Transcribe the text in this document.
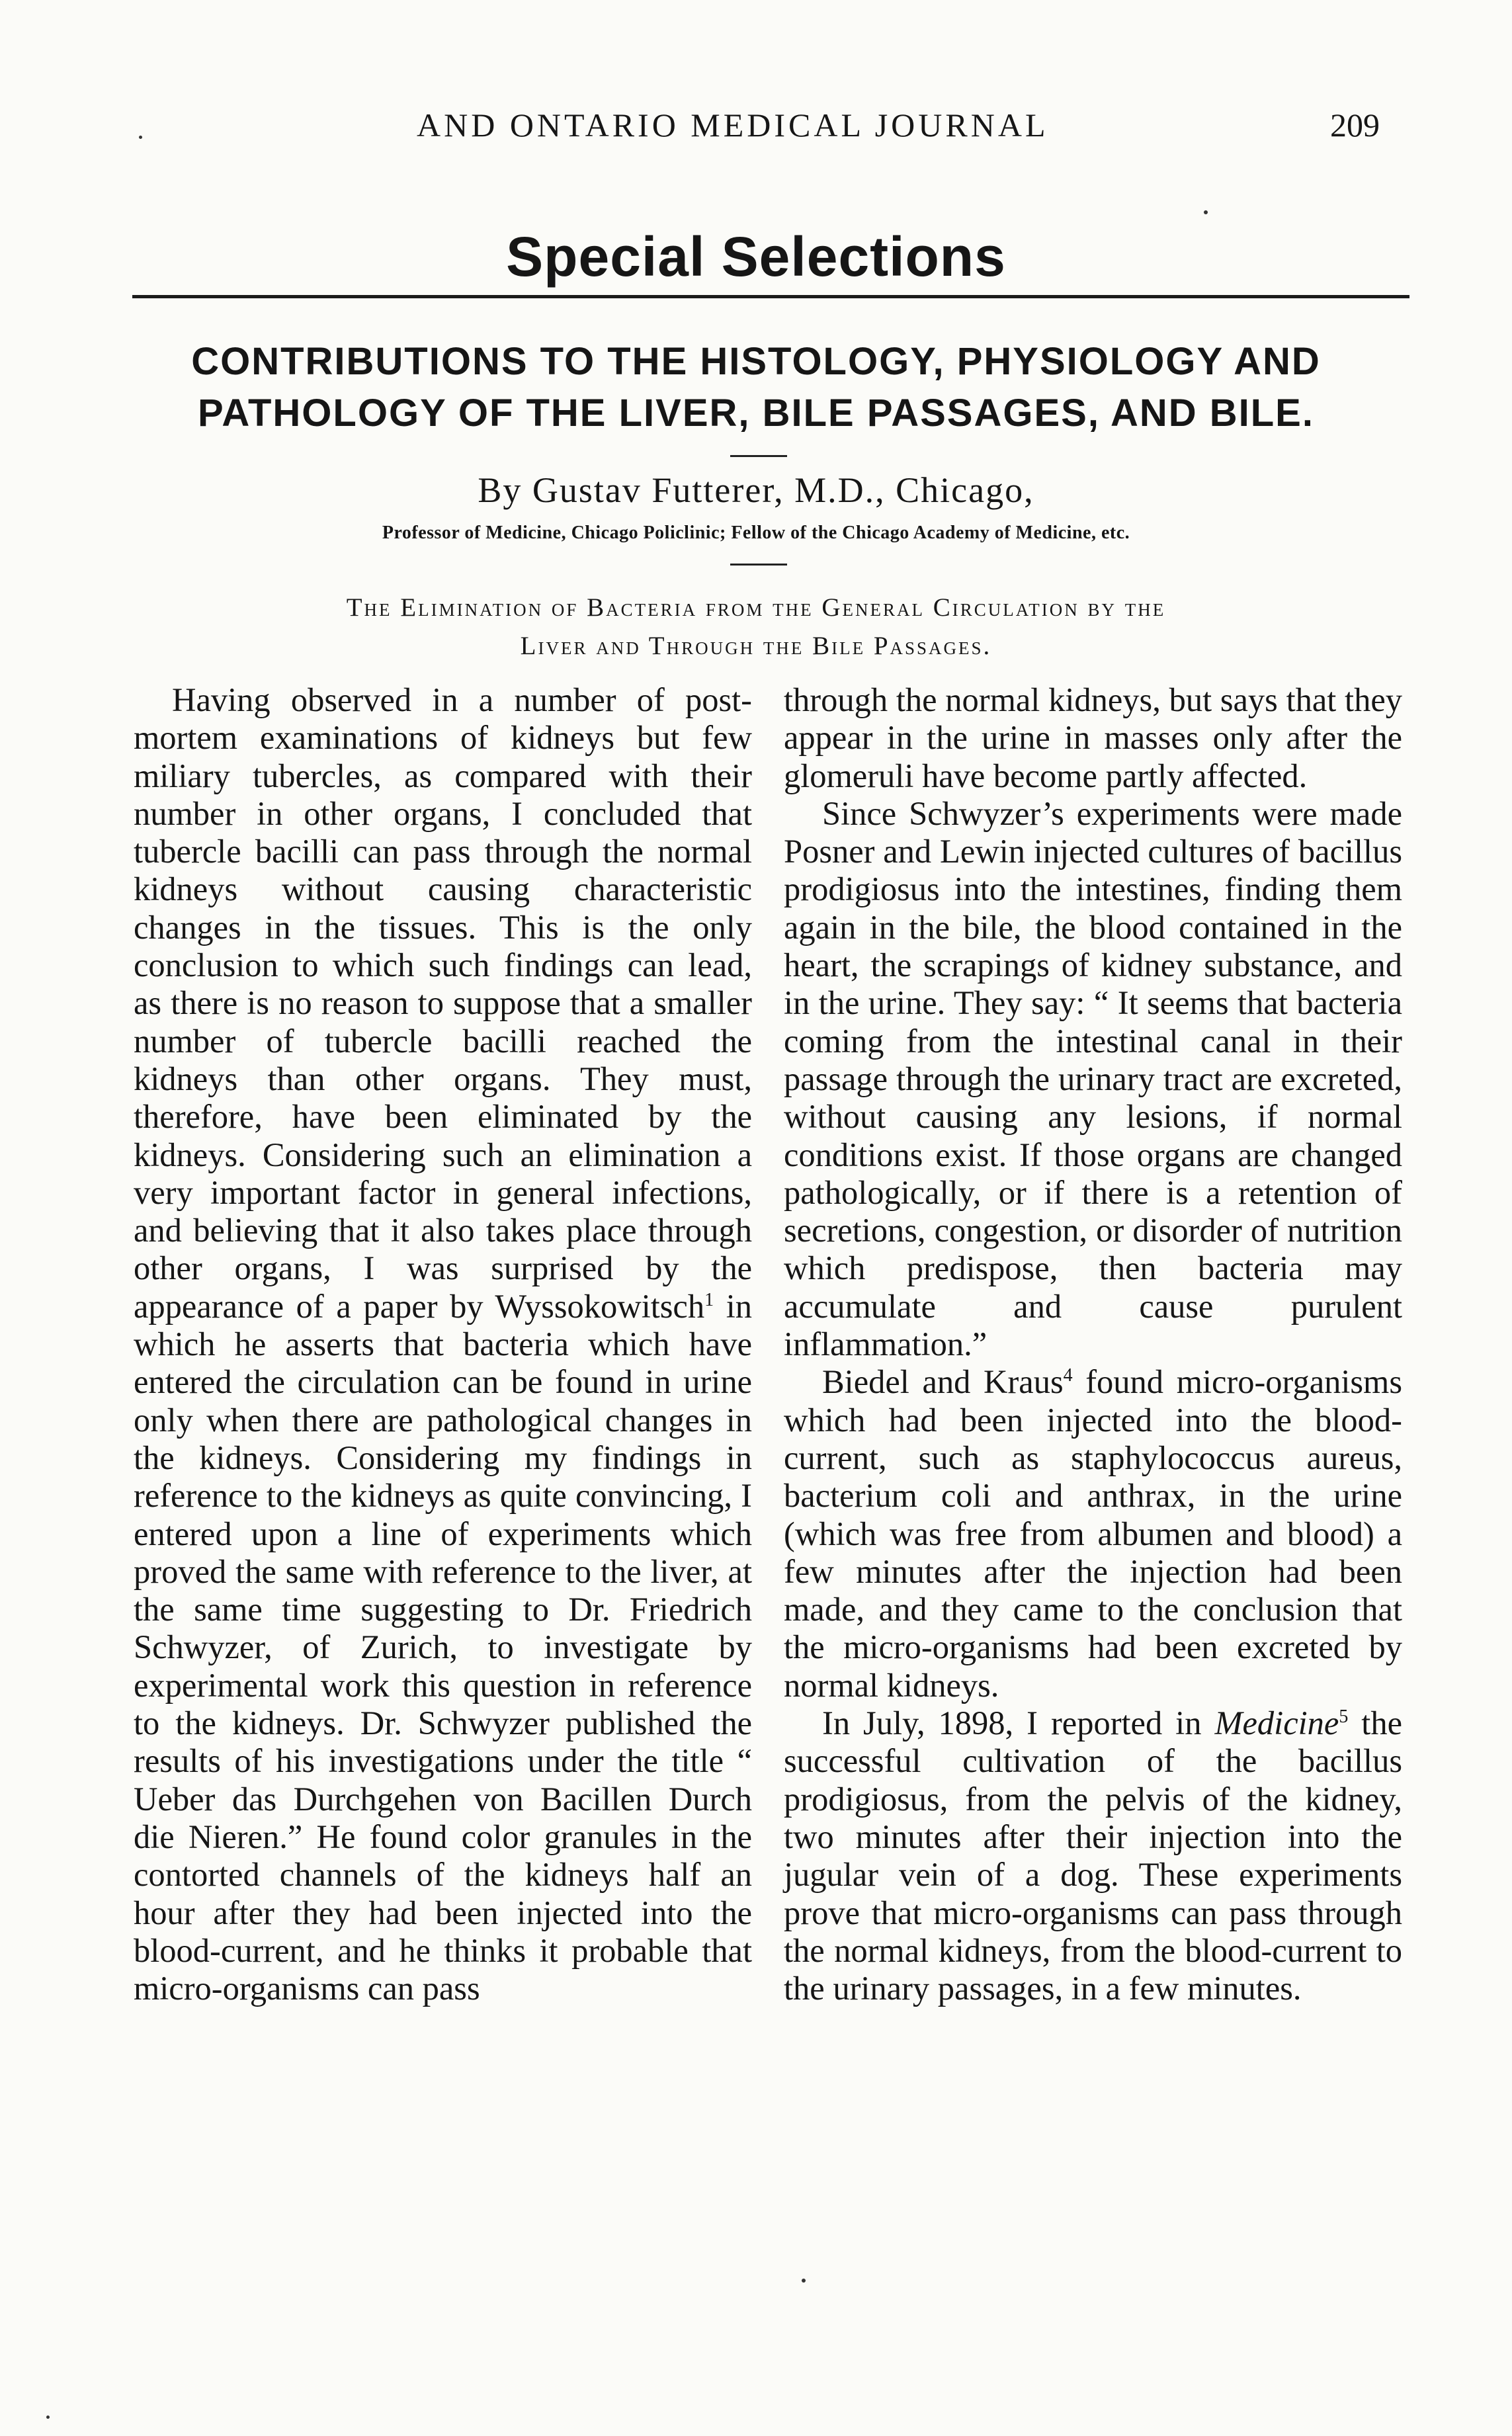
AND ONTARIO MEDICAL JOURNAL	209
Special Selections
CONTRIBUTIONS TO THE HISTOLOGY, PHYSIOLOGY AND
PATHOLOGY OF THE LIVER, BILE PASSAGES, AND BILE.
By Gustav Futterer, M.D., Chicago,
Professor of Medicine, Chicago Policlinic; Fellow of the Chicago Academy of Medicine, etc.
The Elimination of Bacteria from the General Circulation by the
Liver and Through the Bile Passages.

Having observed in a number of post-mortem examinations of kidneys but few miliary tubercles, as compared with their number in other organs, I concluded that tubercle bacilli can pass through the normal kidneys without causing characteristic changes in the tissues. This is the only conclusion to which such findings can lead, as there is no reason to suppose that a smaller number of tubercle bacilli reached the kidneys than other organs. They must, therefore, have been eliminated by the kidneys. Considering such an elimination a very important factor in general infections, and believing that it also takes place through other organs, I was surprised by the appearance of a paper by Wyssokowitsch$^1$ in which he asserts that bacteria which have entered the circulation can be found in urine only when there are pathological changes in the kidneys. Considering my findings in reference to the kidneys as quite convincing, I entered upon a line of experiments which proved the same with reference to the liver, at the same time suggesting to Dr. Friedrich Schwyzer, of Zurich, to investigate by experimental work this question in reference to the kidneys. Dr. Schwyzer published the results of his investigations under the title “ Ueber das Durchgehen von Bacillen Durch die Nieren.” He found color granules in the contorted channels of the kidneys half an hour after they had been injected into the blood-current, and he thinks it probable that micro-organisms can pass

through the normal kidneys, but says that they appear in the urine in masses only after the glomeruli have become partly affected.

Since Schwyzer’s experiments were made Posner and Lewin injected cultures of bacillus prodigiosus into the intestines, finding them again in the bile, the blood contained in the heart, the scrapings of kidney substance, and in the urine. They say: “ It seems that bacteria coming from the intestinal canal in their passage through the urinary tract are excreted, without causing any lesions, if normal conditions exist. If those organs are changed pathologically, or if there is a retention of secretions, congestion, or disorder of nutrition which predispose, then bacteria may accumulate and cause purulent inflammation.”

Biedel and Kraus$^4$ found micro-organisms which had been injected into the blood-current, such as staphylococcus aureus, bacterium coli and anthrax, in the urine (which was free from albumen and blood) a few minutes after the injection had been made, and they came to the conclusion that the micro-organisms had been excreted by normal kidneys.

In July, 1898, I reported in Medicine$^5$ the successful cultivation of the bacillus prodigiosus, from the pelvis of the kidney, two minutes after their injection into the jugular vein of a dog. These experiments prove that micro-organisms can pass through the normal kidneys, from the blood-current to the urinary passages, in a few minutes.
